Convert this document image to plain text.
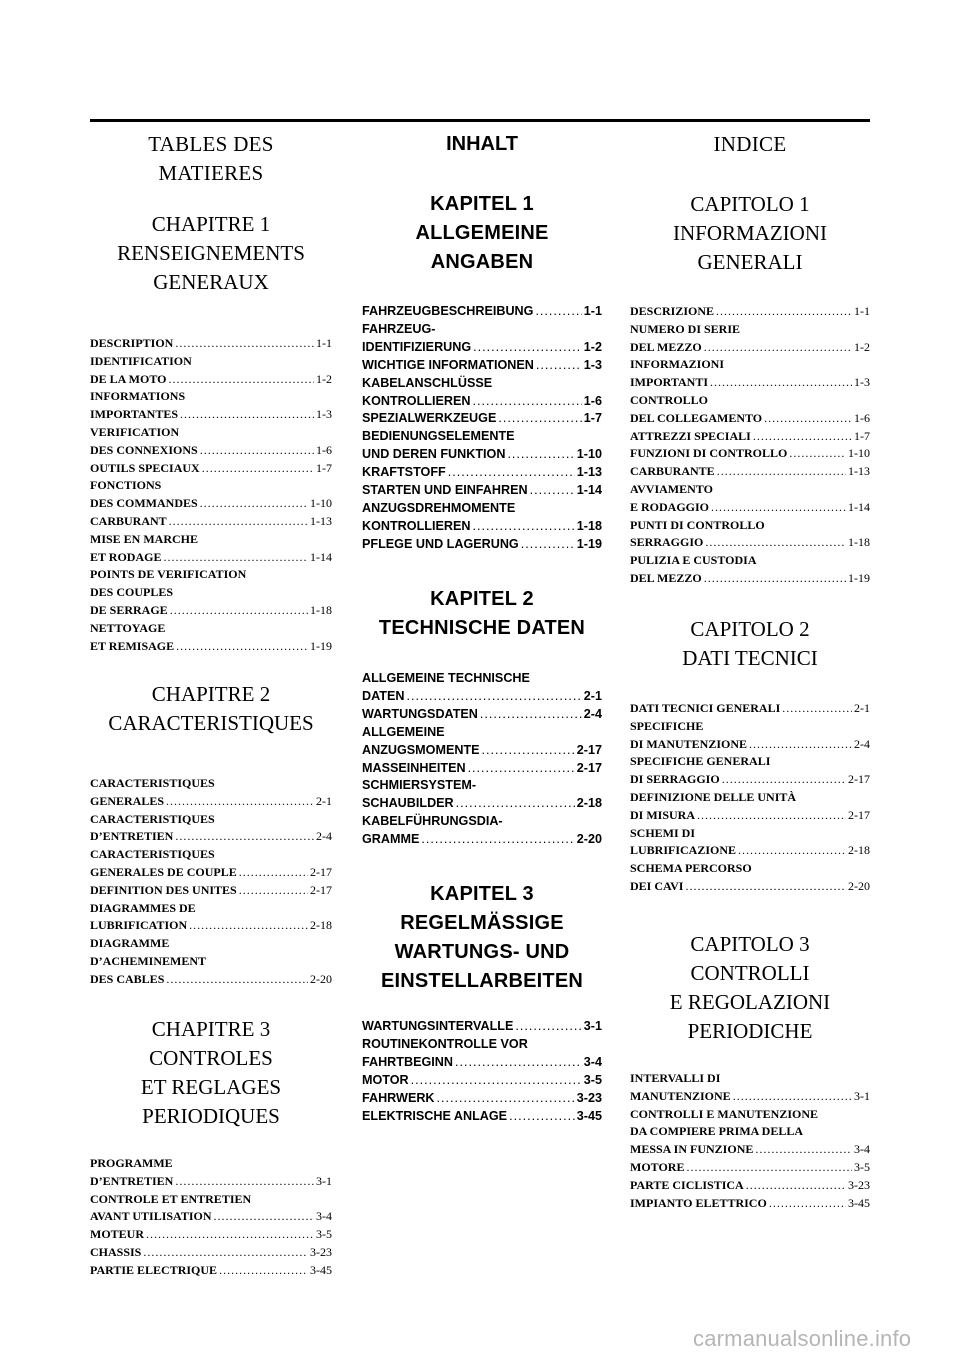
TABLES DES
MATIERES
CHAPITRE 1
RENSEIGNEMENTS
GENERAUX
DESCRIPTION .....	1-1
IDENTIFICATION
DE LA MOTO .....	1-2
INFORMATIONS
IMPORTANTES .....	1-3
VERIFICATION
DES CONNEXIONS .....	1-6
OUTILS SPECIAUX .....	1-7
FONCTIONS
DES COMMANDES .....	1-10
CARBURANT .....	1-13
MISE EN MARCHE
ET RODAGE .....	1-14
POINTS DE VERIFICATION
DES COUPLES
DE SERRAGE .....	1-18
NETTOYAGE
ET REMISAGE .....	1-19
CHAPITRE 2
CARACTERISTIQUES
CARACTERISTIQUES
GENERALES .....	2-1
CARACTERISTIQUES
D’ENTRETIEN .....	2-4
CARACTERISTIQUES
GENERALES DE COUPLE .....	2-17
DEFINITION DES UNITES .....	2-17
DIAGRAMMES DE
LUBRIFICATION .....	2-18
DIAGRAMME
D’ACHEMINEMENT
DES CABLES .....	2-20
CHAPITRE 3
CONTROLES
ET REGLAGES
PERIODIQUES
PROGRAMME
D’ENTRETIEN .....	3-1
CONTROLE ET ENTRETIEN
AVANT UTILISATION .....	3-4
MOTEUR .....	3-5
CHASSIS .....	3-23
PARTIE ELECTRIQUE .....	3-45
INHALT
KAPITEL 1
ALLGEMEINE
ANGABEN
FAHRZEUGBESCHREIBUNG .....	1-1
FAHRZEUG-
IDENTIFIZIERUNG .....	1-2
WICHTIGE INFORMATIONEN .....	1-3
KABELANSCHLÜSSE
KONTROLLIEREN .....	1-6
SPEZIALWERKZEUGE .....	1-7
BEDIENUNGSELEMENTE
UND DEREN FUNKTION .....	1-10
KRAFTSTOFF .....	1-13
STARTEN UND EINFAHREN .....	1-14
ANZUGSDREHMOMENTE
KONTROLLIEREN .....	1-18
PFLEGE UND LAGERUNG .....	1-19
KAPITEL 2
TECHNISCHE DATEN
ALLGEMEINE TECHNISCHE
DATEN .....	2-1
WARTUNGSDATEN .....	2-4
ALLGEMEINE
ANZUGSMOMENTE .....	2-17
MASSEINHEITEN .....	2-17
SCHMIERSYSTEM-
SCHAUBILDER .....	2-18
KABELFÜHRUNGSDIA-
GRAMME .....	2-20
KAPITEL 3
REGELMÄSSIGE
WARTUNGS- UND
EINSTELLARBEITEN
WARTUNGSINTERVALLE .....	3-1
ROUTINEKONTROLLE VOR
FAHRTBEGINN .....	3-4
MOTOR .....	3-5
FAHRWERK .....	3-23
ELEKTRISCHE ANLAGE .....	3-45
INDICE
CAPITOLO 1
INFORMAZIONI
GENERALI
DESCRIZIONE .....	1-1
NUMERO DI SERIE
DEL MEZZO .....	1-2
INFORMAZIONI
IMPORTANTI .....	1-3
CONTROLLO
DEL COLLEGAMENTO .....	1-6
ATTREZZI SPECIALI .....	1-7
FUNZIONI DI CONTROLLO .....	1-10
CARBURANTE .....	1-13
AVVIAMENTO
E RODAGGIO .....	1-14
PUNTI DI CONTROLLO
SERRAGGIO .....	1-18
PULIZIA E CUSTODIA
DEL MEZZO .....	1-19
CAPITOLO 2
DATI TECNICI
DATI TECNICI GENERALI .....	2-1
SPECIFICHE
DI MANUTENZIONE .....	2-4
SPECIFICHE GENERALI
DI SERRAGGIO .....	2-17
DEFINIZIONE DELLE UNITÀ
DI MISURA .....	2-17
SCHEMI DI
LUBRIFICAZIONE .....	2-18
SCHEMA PERCORSO
DEI CAVI .....	2-20
CAPITOLO 3
CONTROLLI
E REGOLAZIONI
PERIODICHE
INTERVALLI DI
MANUTENZIONE .....	3-1
CONTROLLI E MANUTENZIONE
DA COMPIERE PRIMA DELLA
MESSA IN FUNZIONE .....	3-4
MOTORE .....	3-5
PARTE CICLISTICA .....	3-23
IMPIANTO ELETTRICO .....	3-45
carmanualsonline.info
